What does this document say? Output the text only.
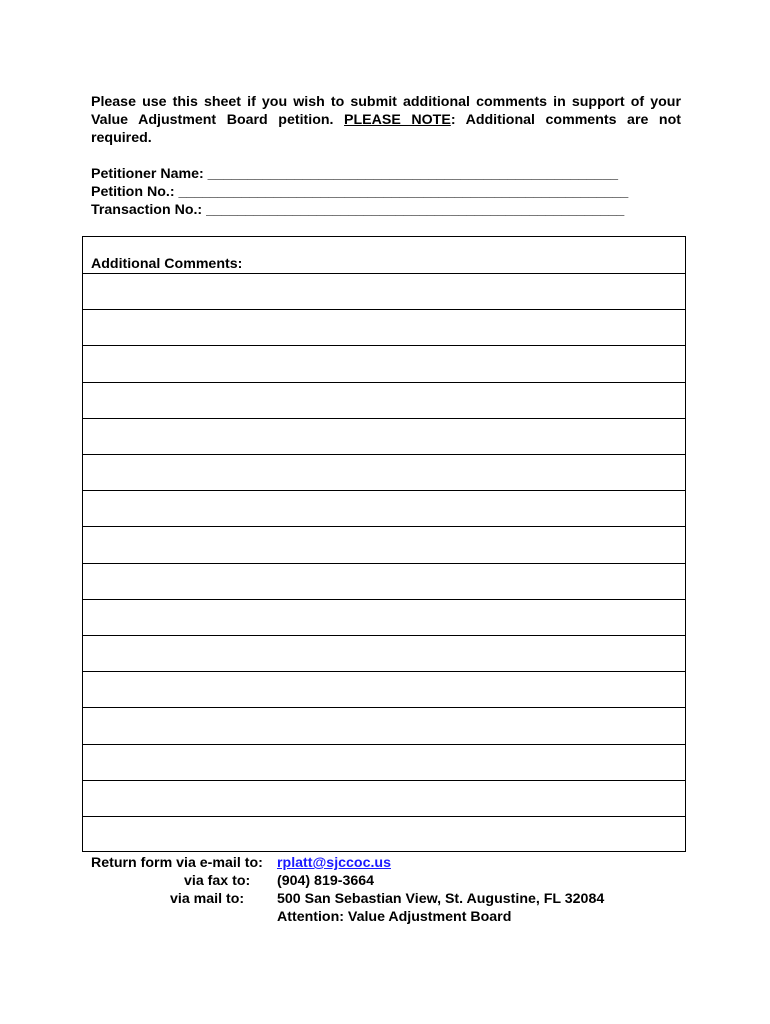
Please use this sheet if you wish to submit additional comments in support of your Value Adjustment Board petition. PLEASE NOTE: Additional comments are not required.
Petitioner Name: ____________________________________________________
Petition No.: _________________________________________________________
Transaction No.: _____________________________________________________
Additional Comments:
Return form via e-mail to: rplatt@sjccoc.us
via fax to: (904) 819-3664
via mail to: 500 San Sebastian View, St. Augustine, FL 32084
Attention: Value Adjustment Board
